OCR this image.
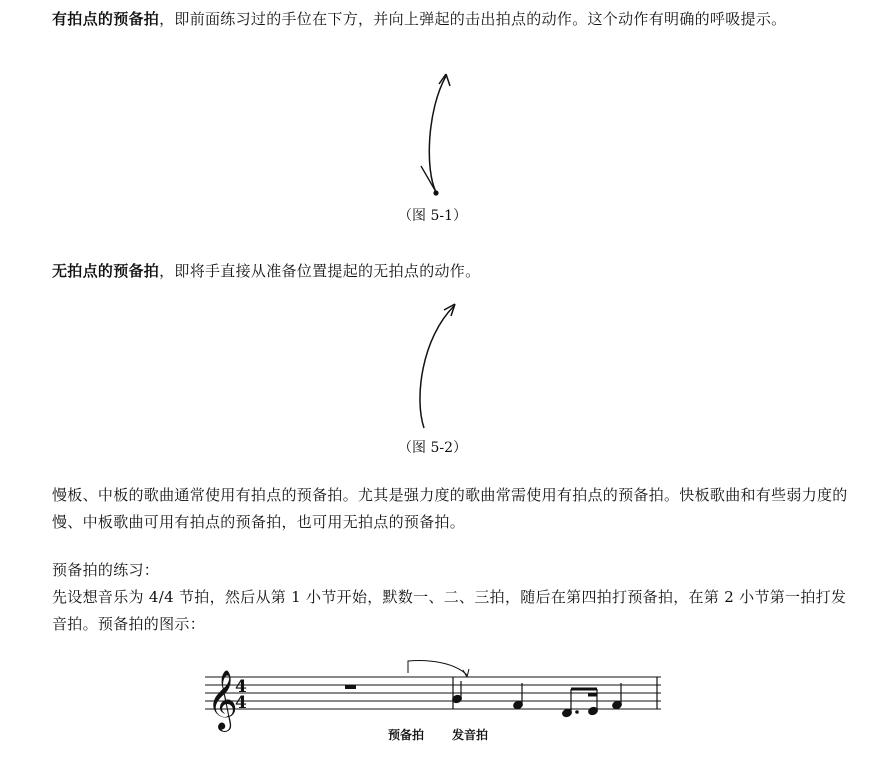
有拍点的预备拍，即前面练习过的手位在下方，并向上弹起的击出拍点的动作。这个动作有明确的呼吸提示。

（图 5-1）

无拍点的预备拍，即将手直接从准备位置提起的无拍点的动作。

（图 5-2）

慢板、中板的歌曲通常使用有拍点的预备拍。尤其是强力度的歌曲常需使用有拍点的预备拍。快板歌曲和有些弱力度的慢、中板歌曲可用有拍点的预备拍，也可用无拍点的预备拍。

预备拍的练习：

先设想音乐为 4/4 节拍，然后从第 1 小节开始，默数一、二、三拍，随后在第四拍打预备拍，在第 2 小节第一拍打发音拍。预备拍的图示：

𝄞
4
4
预备拍 发音拍
